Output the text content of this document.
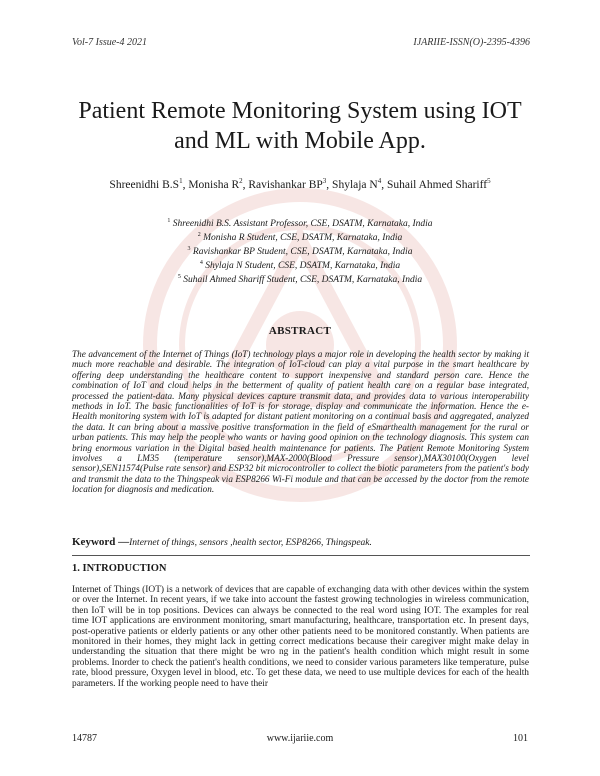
Vol-7 Issue-4 2021	IJARIIE-ISSN(O)-2395-4396
Patient Remote Monitoring System using IOT
and ML with Mobile App.
Shreenidhi $B.S^1$, Monisha $R^2$, Ravishankar $BP^3$, Shylaja $N^4$, Suhail Ahmed Shariff$^5$
$^1$ Shreenidhi B.S. Assistant Professor, CSE, DSATM, Karnataka, India
$^2$ Monisha R Student, CSE, DSATM, Karnataka, India
$^3$ Ravishankar BP Student, CSE, DSATM, Karnataka, India
$^4$ Shylaja N Student, CSE, DSATM, Karnataka, India
$^5$ Suhail Ahmed Shariff Student, CSE, DSATM, Karnataka, India
ABSTRACT

The advancement of the Internet of Things (IoT) technology plays a major role in developing the health sector by making it much more reachable and desirable. The integration of IoT-cloud can play a vital purpose in the smart healthcare by offering deep understanding the healthcare content to support inexpensive and standard person care. Hence the combination of IoT and cloud helps in the betterment of quality of patient health care on a regular base integrated, processed the patient-data. Many physical devices capture transmit data, and provides data to various interoperability methods in IoT. The basic functionalities of IoT is for storage, display and communicate the information. Hence the e-Health monitoring system with IoT is adapted for distant patient monitoring on a continual basis and aggregated, analyzed the data. It can bring about a massive positive transformation in the field of eSmarthealth management for the rural or urban patients. This may help the people who wants or having good opinion on the technology diagnosis. This system can bring enormous variation in the Digital based health maintenance for patients. The Patient Remote Monitoring System involves a LM35 (temperature sensor),MAX-2000(Blood Pressure sensor),MAX30100(Oxygen level sensor),SEN11574(Pulse rate sensor) and ESP32 bit microcontroller to collect the biotic parameters from the patient's body and transmit the data to the Thingspeak via ESP8266 Wi-Fi module and that can be accessed by the doctor from the remote location for diagnosis and medication.

Keyword —Internet of things, sensors ,health sector, ESP8266, Thingspeak.
1. INTRODUCTION

Internet of Things (IOT) is a network of devices that are capable of exchanging data with other devices within the system or over the Internet. In recent years, if we take into account the fastest growing technologies in wireless communication, then IoT will be in top positions. Devices can always be connected to the real word using IOT. The examples for real time IOT applications are environment monitoring, smart manufacturing, healthcare, transportation etc. In present days, post-operative patients or elderly patients or any other other patients need to be monitored constantly. When patients are monitored in their homes, they might lack in getting correct medications because their caregiver might make delay in understanding the situation that there might be wro ng in the patient's health condition which might result in some problems. Inorder to check the patient's health conditions, we need to consider various parameters like temperature, pulse rate, blood pressure, Oxygen level in blood, etc. To get these data, we need to use multiple devices for each of the health parameters. If the working people need to have their

14787	www.ijariie.com	101
